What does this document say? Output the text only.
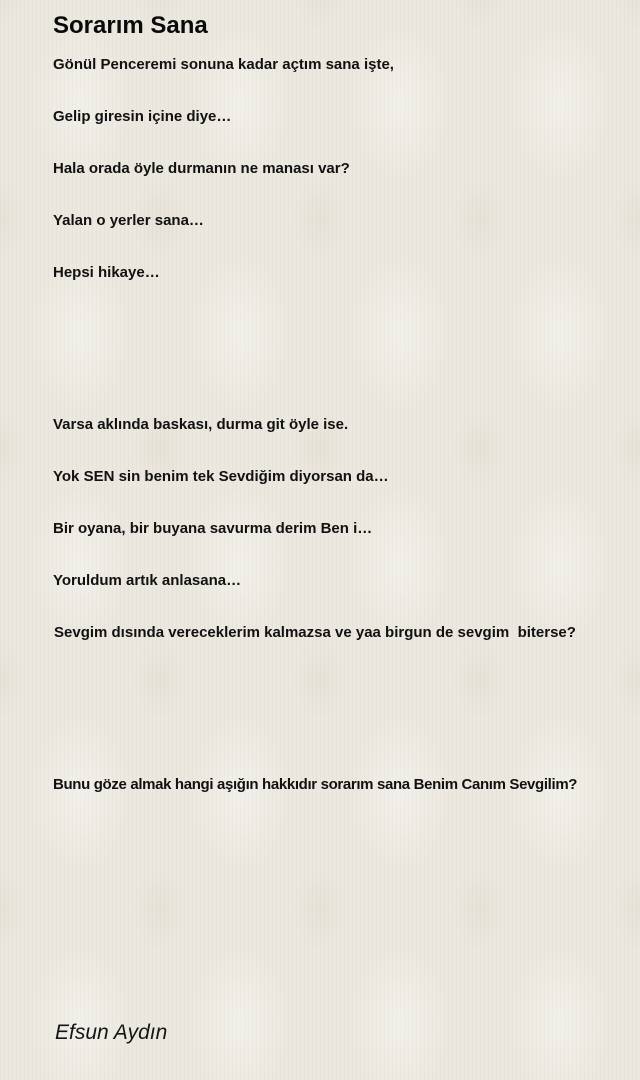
Sorarım Sana

Gönül Penceremi sonuna kadar açtım sana işte,

Gelip giresin içine diye…

Hala orada öyle durmanın ne manası var?

Yalan o yerler sana…

Hepsi hikaye…

Varsa aklında baskası, durma git öyle ise.

Yok SEN sin benim tek Sevdiğim diyorsan da…

Bir oyana, bir buyana savurma derim Ben i…

Yoruldum artık anlasana…

Sevgim dısında vereceklerim kalmazsa ve yaa birgun de sevgim  biterse?

Bunu göze almak hangi aşığın hakkıdır sorarım sana Benim Canım Sevgilim?

Efsun Aydın
